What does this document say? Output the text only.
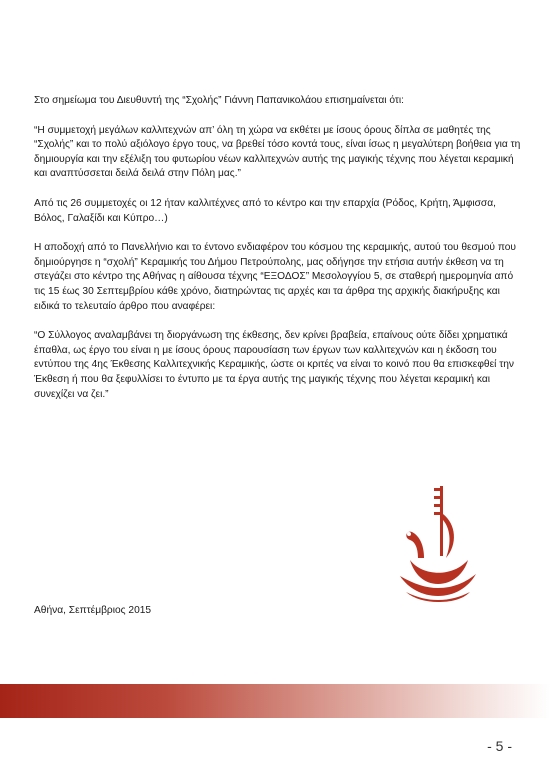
Στο σημείωμα του Διευθυντή της “Σχολής” Γιάννη Παπανικολάου επισημαίνεται ότι:

“Η συμμετοχή μεγάλων καλλιτεχνών απ’ όλη τη χώρα να εκθέτει με ίσους όρους δίπλα σε μαθητές της “Σχολής” και το πολύ αξιόλογο έργο τους, να βρεθεί τόσο κοντά τους, είναι ίσως η μεγαλύτερη βοήθεια για τη δημιουργία και την εξέλιξη του φυτωρίου νέων καλλιτεχνών αυτής της μαγικής τέχνης που λέγεται κεραμική και αναπτύσσεται δειλά δειλά στην Πόλη μας.”

Από τις 26 συμμετοχές οι 12 ήταν καλλιτέχνες από το κέντρο και την επαρχία (Ρόδος, Κρήτη, Άμφισσα, Βόλος, Γαλαξίδι και Κύπρο…)

Η αποδοχή από το Πανελλήνιο και το έντονο ενδιαφέρον του κόσμου της κεραμικής, αυτού του θεσμού που δημιούργησε η “σχολή” Κεραμικής του Δήμου Πετρούπολης, μας οδήγησε την ετήσια αυτήν έκθεση να τη στεγάζει στο κέντρο της Αθήνας η αίθουσα τέχνης “ΕΞΟΔΟΣ” Μεσολογγίου 5, σε σταθερή ημερομηνία από τις 15 έως 30 Σεπτεμβρίου κάθε χρόνο, διατηρώντας τις αρχές και τα άρθρα της αρχικής διακήρυξης και ειδικά το τελευταίο άρθρο που αναφέρει:

“Ο Σύλλογος αναλαμβάνει τη διοργάνωση της έκθεσης, δεν κρίνει βραβεία, επαίνους ούτε δίδει χρηματικά έπαθλα, ως έργο του είναι η με ίσους όρους παρουσίαση των έργων των καλλιτεχνών και η έκδοση του εντύπου της 4ης Έκθεσης Καλλιτεχνικής Κεραμικής, ώστε οι κριτές να είναι το κοινό που θα επισκεφθεί την Έκθεση ή που θα ξεφυλλίσει το έντυπο με τα έργα αυτής της μαγικής τέχνης που λέγεται κεραμική και συνεχίζει να ζει.”

Αθήνα, Σεπτέμβριος 2015
- 5 -
